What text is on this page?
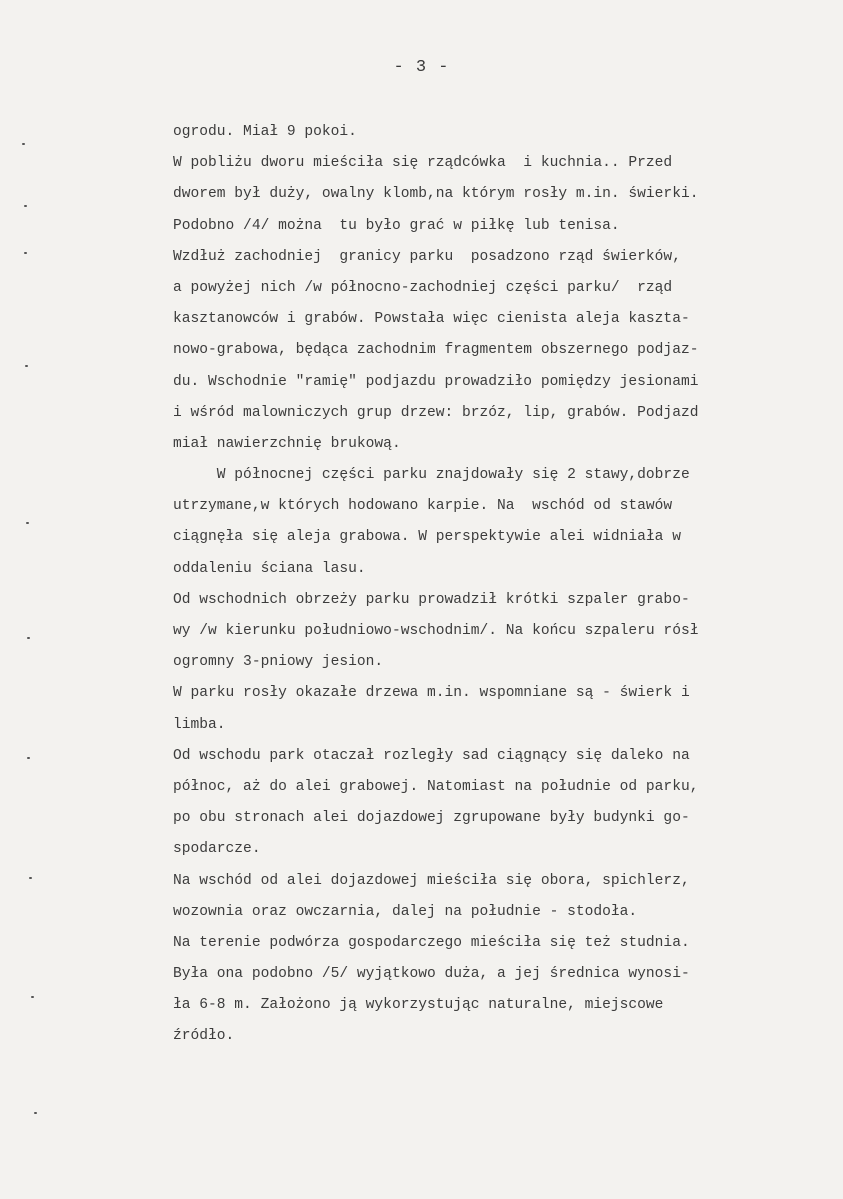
- 3 -
ogrodu. Miał 9 pokoi.
W pobliżu dworu mieściła się rządcówka  i kuchnia.. Przed
dworem był duży, owalny klomb,na którym rosły m.in. świerki.
Podobno /4/ można  tu było grać w piłkę lub tenisa.
Wzdłuż zachodniej  granicy parku  posadzono rząd świerków,
a powyżej nich /w północno-zachodniej części parku/  rząd
kasztanowców i grabów. Powstała więc cienista aleja kaszta-
nowo-grabowa, będąca zachodnim fragmentem obszernego podjaz-
du. Wschodnie "ramię" podjazdu prowadziło pomiędzy jesionami
i wśród malowniczych grup drzew: brzóz, lip, grabów. Podjazd
miał nawierzchnię brukową.
W północnej części parku znajdowały się 2 stawy,dobrze
utrzymane,w których hodowano karpie. Na  wschód od stawów
ciągnęła się aleja grabowa. W perspektywie alei widniała w
oddaleniu ściana lasu.
Od wschodnich obrzeży parku prowadził krótki szpaler grabo-
wy /w kierunku południowo-wschodnim/. Na końcu szpaleru rósł
ogromny 3-pniowy jesion.
W parku rosły okazałe drzewa m.in. wspomniane są - świerk i
limba.
Od wschodu park otaczał rozległy sad ciągnący się daleko na
północ, aż do alei grabowej. Natomiast na południe od parku,
po obu stronach alei dojazdowej zgrupowane były budynki go-
spodarcze.
Na wschód od alei dojazdowej mieściła się obora, spichlerz,
wozownia oraz owczarnia, dalej na południe - stodoła.
Na terenie podwórza gospodarczego mieściła się też studnia.
Była ona podobno /5/ wyjątkowo duża, a jej średnica wynosi-
ła 6-8 m. Założono ją wykorzystując naturalne, miejscowe
źródło.
